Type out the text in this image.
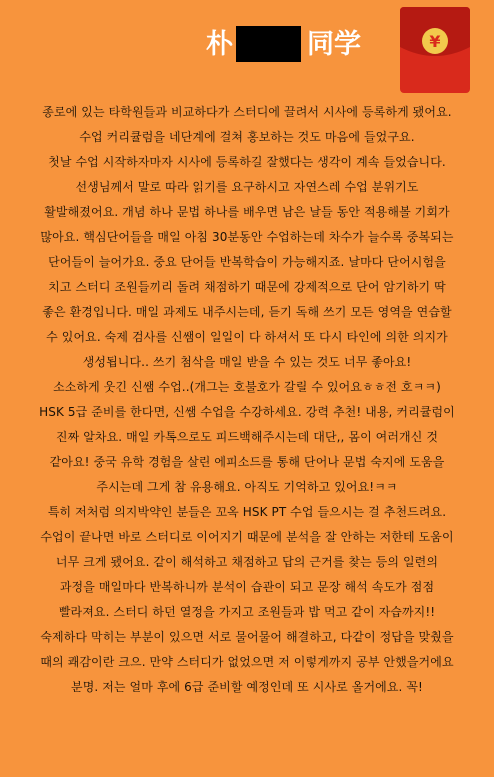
朴	同学	¥
종로에 있는 타학원들과 비교하다가 스터디에 끌려서 시사에 등록하게 됐어요.
수업 커리큘럼을 네단계에 걸쳐 홍보하는 것도 마음에 들었구요.
첫날 수업 시작하자마자 시사에 등록하길 잘했다는 생각이 계속 들었습니다.
선생님께서 말로 따라 읽기를 요구하시고 자연스레 수업 분위기도
활발해졌어요. 개념 하나 문법 하나를 배우면 남은 날들 동안 적용해볼 기회가
많아요. 핵심단어들을 매일 아침 30분동안 수업하는데 차수가 늘수록 중복되는
단어들이 늘어가요. 중요 단어들 반복학습이 가능해지죠. 날마다 단어시험을
치고 스터디 조원들끼리 돌려 채점하기 때문에 강제적으로 단어 암기하기 딱
좋은 환경입니다. 매일 과제도 내주시는데, 듣기 독해 쓰기 모든 영역을 연습할
수 있어요. 숙제 검사를 신쌤이 일일이 다 하셔서 또 다시 타인에 의한 의지가
생성됩니다.. 쓰기 첨삭을 매일 받을 수 있는 것도 너무 좋아요!
소소하게 웃긴 신쌤 수업..(개그는 호불호가 갈릴 수 있어요ㅎㅎ전 호ㅋㅋ)
HSK 5급 준비를 한다면, 신쌤 수업을 수강하세요. 강력 추천! 내용, 커리큘럼이
진짜 알차요. 매일 카톡으로도 피드백해주시는데 대단,, 몸이 여러개신 것
같아요! 중국 유학 경험을 살린 에피소드를 통해 단어나 문법 숙지에 도움을
주시는데 그게 참 유용해요. 아직도 기억하고 있어요!ㅋㅋ
특히 저처럼 의지박약인 분들은 꼬옥 HSK PT 수업 들으시는 걸 추천드려요.
수업이 끝나면 바로 스터디로 이어지기 때문에 분석을 잘 안하는 저한테 도움이
너무 크게 됐어요. 같이 해석하고 채점하고 답의 근거를 찾는 등의 일련의
과정을 매일마다 반복하니까 분석이 습관이 되고 문장 해석 속도가 점점
빨라져요. 스터디 하던 열정을 가지고 조원들과 밥 먹고 같이 자습까지!!
숙제하다 막히는 부분이 있으면 서로 물어물어 해결하고, 다같이 정답을 맞췄을
때의 쾌감이란 크으. 만약 스터디가 없었으면 저 이렇게까지 공부 안했을거에요
분명. 저는 얼마 후에 6급 준비할 예정인데 또 시사로 올거에요. 꼭!
